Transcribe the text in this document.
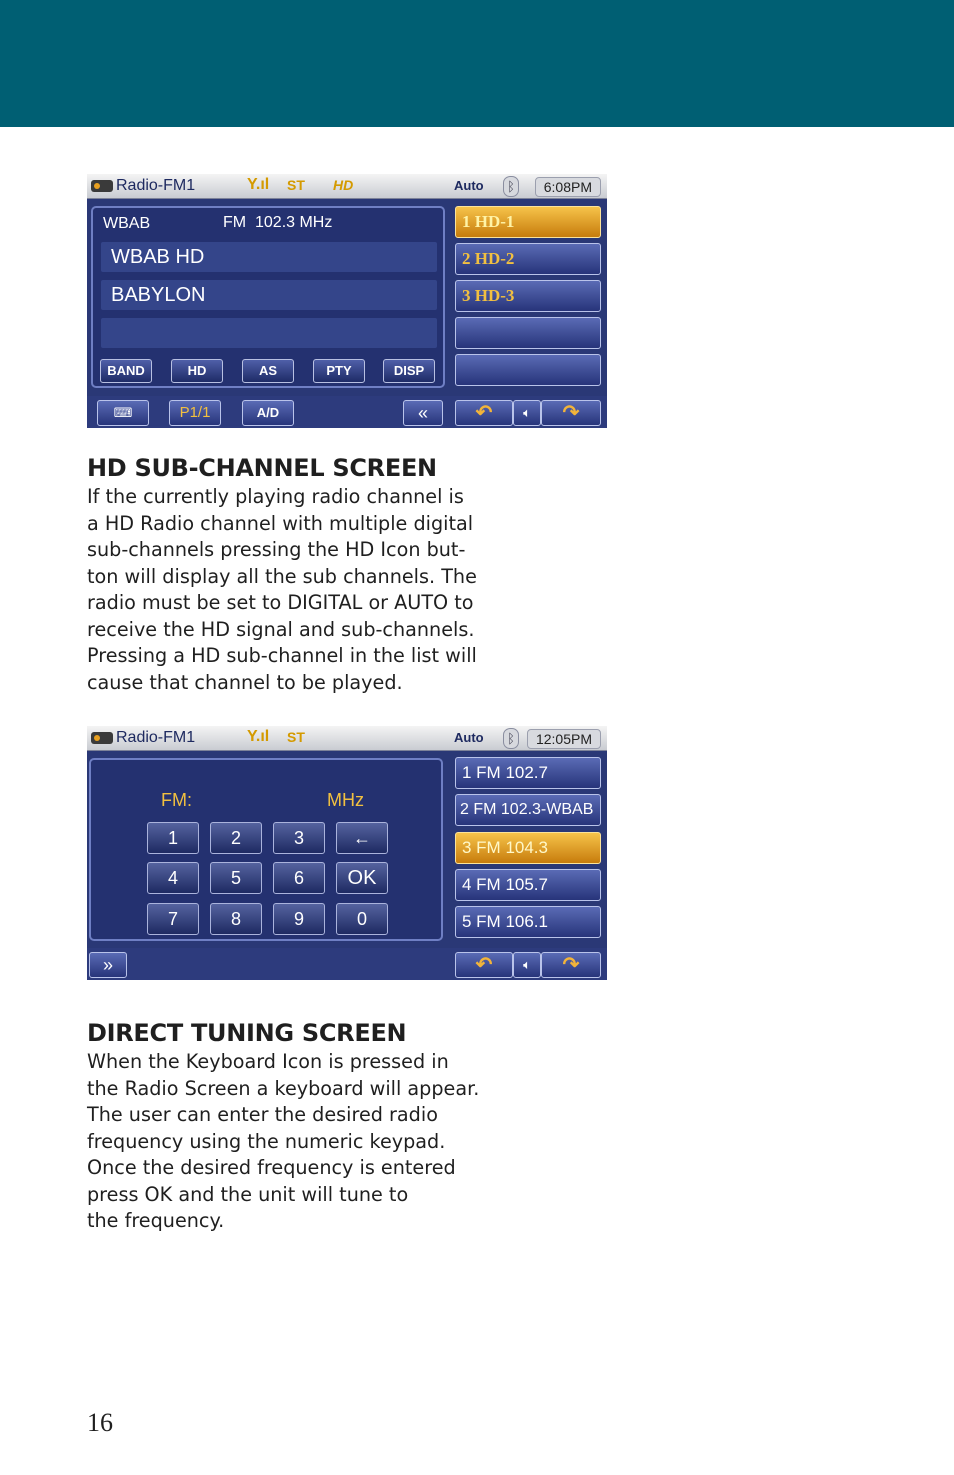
Radio-FM1	Y.ıl ST HD	Auto	ᛒ	6:08PM
WBAB	FM  102.3 MHz
WBAB HD
BABYLON
BAND	HD	AS	PTY	DISP
1 HD-1
2 HD-2
3 HD-3
⌨	P1/1	A/D	«	↶	🔈︎	↷
HD SUB-CHANNEL SCREEN
If the currently playing radio channel is
a HD Radio channel with multiple digital
sub-channels pressing the HD Icon but-
ton will display all the sub channels. The
radio must be set to DIGITAL or AUTO to
receive the HD signal and sub-channels.
Pressing a HD sub-channel in the list will
cause that channel to be played.
Radio-FM1	Y.ıl ST	Auto	ᛒ	12:05PM
FM:	MHz
1	2	3	←
4	5	6	OK
7	8	9	0
1 FM 102.7
2 FM 102.3-WBAB
3 FM 104.3
4 FM 105.7
5 FM 106.1
»	↶	🔈︎	↷
DIRECT TUNING SCREEN
When the Keyboard Icon is pressed in
the Radio Screen a keyboard will appear.
The user can enter the desired radio
frequency using the numeric keypad.
Once the desired frequency is entered
press OK and the unit will tune to
the frequency.
16
